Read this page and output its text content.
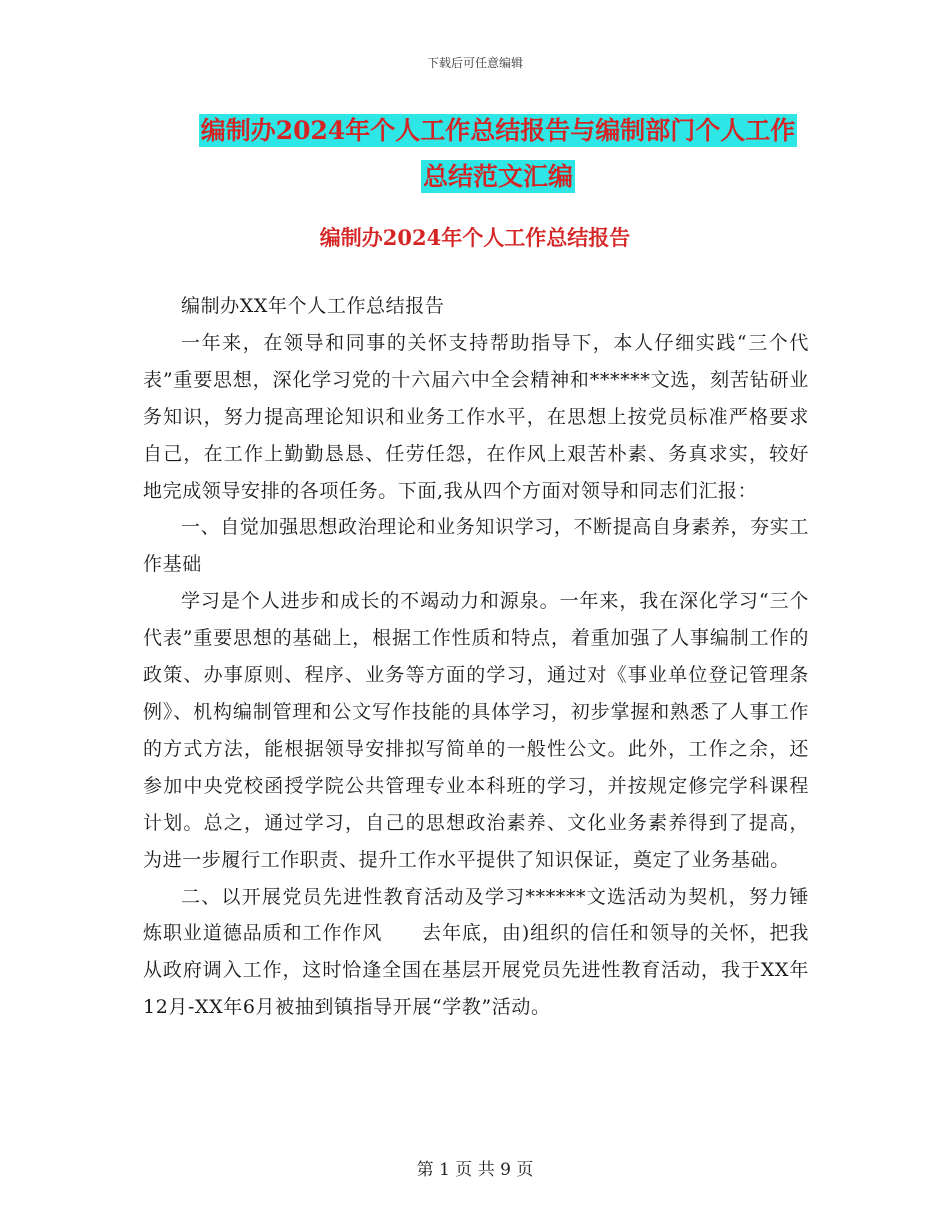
下载后可任意编辑
编制办2024年个人工作总结报告与编制部门个人工作
总结范文汇编
编制办2024年个人工作总结报告

编制办XX年个人工作总结报告

一年来，在领导和同事的关怀支持帮助指导下，本人仔细实践“三个代表”重要思想，深化学习党的十六届六中全会精神和******文选，刻苦钻研业务知识，努力提高理论知识和业务工作水平，在思想上按党员标准严格要求自己，在工作上勤勤恳恳、任劳任怨，在作风上艰苦朴素、务真求实，较好地完成领导安排的各项任务。下面,我从四个方面对领导和同志们汇报：

一、自觉加强思想政治理论和业务知识学习，不断提高自身素养，夯实工作基础

学习是个人进步和成长的不竭动力和源泉。一年来，我在深化学习“三个代表”重要思想的基础上，根据工作性质和特点，着重加强了人事编制工作的政策、办事原则、程序、业务等方面的学习，通过对《事业单位登记管理条例》、机构编制管理和公文写作技能的具体学习，初步掌握和熟悉了人事工作的方式方法，能根据领导安排拟写简单的一般性公文。此外，工作之余，还参加中央党校函授学院公共管理专业本科班的学习，并按规定修完学科课程计划。总之，通过学习，自己的思想政治素养、文化业务素养得到了提高，为进一步履行工作职责、提升工作水平提供了知识保证，奠定了业务基础。

二、以开展党员先进性教育活动及学习******文选活动为契机，努力锤炼职业道德品质和工作作风　　去年底，由)组织的信任和领导的关怀，把我从政府调入工作，这时恰逢全国在基层开展党员先进性教育活动，我于XX年12月-XX年6月被抽到镇指导开展“学教”活动。

第 1 页 共 9 页
